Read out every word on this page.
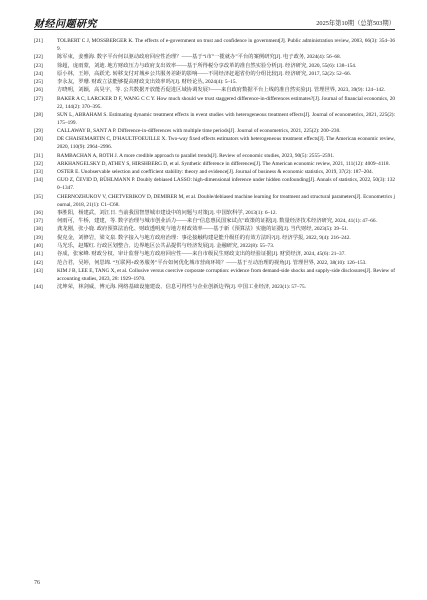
财经问题研究	2025年第10期（总第503期）
[21]	TOLBERT C J, MOSSBERGER K. The effects of e-government on trust and confidence in government[J]. Public administration review, 2003, 66(3): 354–369.
[22]	陈军束，姜雅海. 数字平台何以驱动政府回应性治理？——基于“i市”一揽就办”平台的案例研究[J]. 电子政务, 2024(4): 56–68.
[23]	徐超，庞雨蒙，刘迪. 地方财政压力与政府支出效率——基于所得税分享改革的准自然实验分析[J]. 经济研究, 2020, 55(6): 138–154.
[24]	原小林，王婷，高跃光. 转移支付对城乡公共服务差距的影响——不同经济赶超省份的分组比较[J]. 经济研究, 2017, 52(2): 52–66.
[25]	李永友，罗珊. 财政立法能够提高财政支出效率吗?[J]. 财经论丛, 2024(4): 5–15.
[26]	方晓明，刘颖，高昊宇，等. 公共数据开放能否促进区域协调发展?——来自政府数据平台上线的准自然实验[J]. 管理世界, 2023, 39(9): 124–142.
[27]	BAKER A C, LARCKER D F, WANG C C Y. How much should we trust staggered difference-in-differences estimates?[J]. Journal of financial economics, 2022, 144(2): 370–395.
[28]	SUN L, ABRAHAM S. Estimating dynamic treatment effects in event studies with heterogeneous treatment effects[J]. Journal of econometrics, 2021, 225(2): 175–199.
[29]	CALLAWAY B, SANT A P. Difference-in-differences with multiple time periods[J]. Journal of econometrics, 2021, 225(2): 200–230.
[30]	DE CHAISEMARTIN C, D'HAULTFOEUILLE X. Two-way fixed effects estimators with heterogeneous treatment effects[J]. The American economic review, 2020, 110(9): 2964–2996.
[31]	RAMBACHAN A, ROTH J. A more credible approach to parallel trends[J]. Review of economic studies, 2023, 90(5): 2555–2591.
[32]	ARKHANGELSKY D, ATHEY S, HIRSHBERG D, et al. Synthetic difference in differences[J]. The American economic review, 2021, 111(12): 4009–4118.
[33]	OSTER E. Unobservable selection and coefficient stability: theory and evidence[J]. Journal of business & economic statistics, 2019, 37(2): 187–204.
[34]	GUO Z, ĆEVID D, BÜHLMANN P. Doubly debiased LASSO: high-dimensional inference under hidden confounding[J]. Annals of statistics, 2022, 50(3): 1320–1347.
[35]	CHERNOZHUKOV V, CHETVERIKOV D, DEMIRER M, et al. Double/debiased machine learning for treatment and structural parameters[J]. Econometrics journal, 2018, 21(1): C1–C68.
[36]	事胜阳，杨建武，刘江日. 当前我国智慧城市建设中的问题与对策[J]. 中国软科学, 2013(1): 6–12.
[37]	何雨可，牛桥，建建，等. 数字治理与城市创业活力——来自“信息惠民国家试点”政策的证据[J]. 数量经济技术经济研究, 2024, 41(1): 47–66.
[38]	龚龙刚，张小鹿. 政府预算法治化、财政透明度与地方财政效率——基于新《预算法》实施的证据[J]. 当代财经, 2023(5): 39–51.
[39]	倪克金，刘修岩，梁文泉. 数字接入与地方政府治理：事论接触构建是能升级任的有效方法吗?[J]. 经济学报, 2022, 9(4): 216–242.
[40]	马光乐，赵耀红. 行政区划整合、边界地区公共品提供与经济发展[J]. 金融研究, 2022(8): 55–73.
[41]	谷成，张家峰. 财政分权、审计监督与地方政府回应性——来自市级民生财政支出的经验证据[J]. 财贸经济, 2024, 45(6): 21–37.
[42]	范合君，吴婷，何思锦. “互联网+政务服务”平台如何优化城市营商环境？——基于互动治理的视角[J]. 管理世界, 2022, 38(10): 126–153.
[43]	KIM J B, LEE E, TANG X, et al. Collusive versus coercive corporate corruption: evidence from demand-side shocks and supply-side disclosures[J]. Review of accounting studies, 2023, 28: 1929–1970.
[44]	沈坤荣，林剑威，傅元海. 网络基础设施建设、信息可得性与企业创新边界[J]. 中国工业经济, 2023(1): 57–75.
76
